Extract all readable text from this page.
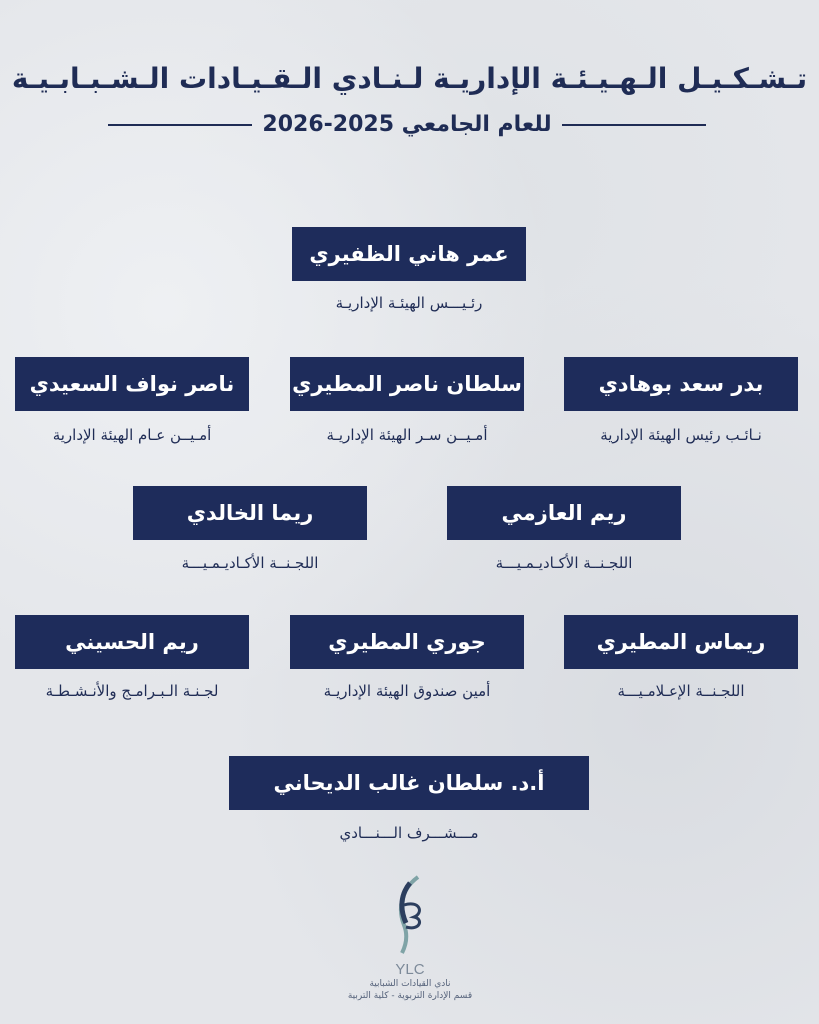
تـشـكـيـل الـهـيـئـة الإداريـة لـنـادي الـقـيـادات الـشـبـابـيـة
للعام الجامعي 2025-2026
عمر هاني الظفيري
رئـيـــس الهيئـة الإداريـة
بدر سعد بوهادي
نـائـب رئيس الهيئة الإدارية
سلطان ناصر المطيري
أمـيــن سـر الهيئة الإداريـة
ناصر نواف السعيدي
أمـيــن عـام الهيئة الإدارية
ريم العازمي
اللجـنــة الأكـاديـمـيـــة
ريما الخالدي
اللجـنــة الأكـاديـمـيـــة
ريماس المطيري
اللجـنــة الإعـلامـيـــة
جوري المطيري
أمين صندوق الهيئة الإداريـة
ريم الحسيني
لجـنـة الـبـرامـج والأنـشـطـة
أ.د. سلطان غالب الديحاني
مـــشـــرف الـــنـــادي
YLC
نادي القيادات الشبابية
قسم الإدارة التربوية - كلية التربية
